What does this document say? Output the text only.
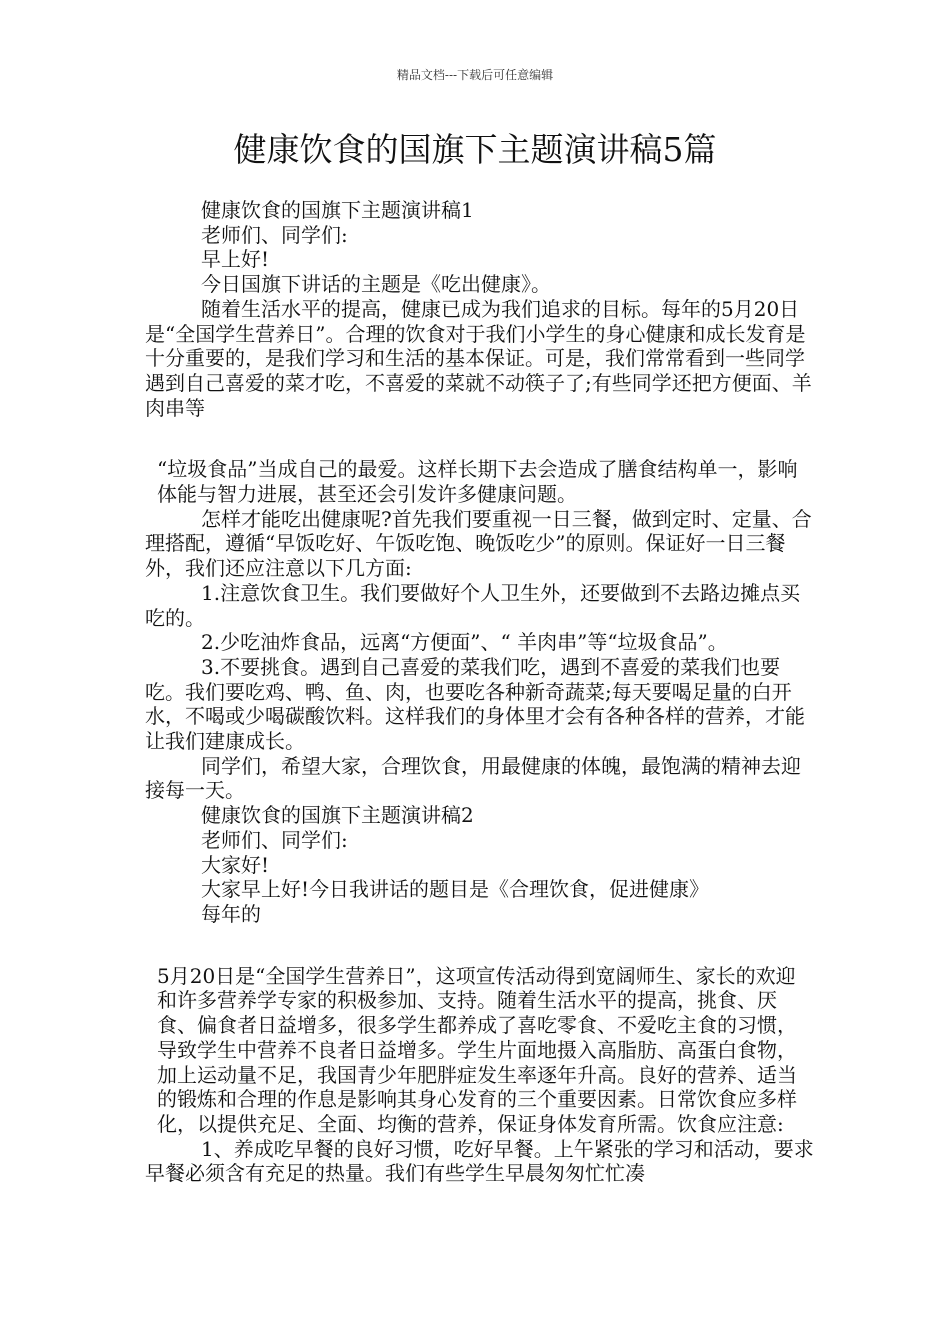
精品文档---下载后可任意编辑
健康饮食的国旗下主题演讲稿5篇

健康饮食的国旗下主题演讲稿1

老师们、同学们:

早上好!

今日国旗下讲话的主题是《吃出健康》。

随着生活水平的提高，健康已成为我们追求的目标。每年的5月20日是“全国学生营养日”。合理的饮食对于我们小学生的身心健康和成长发育是十分重要的，是我们学习和生活的基本保证。可是，我们常常看到一些同学遇到自己喜爱的菜才吃，不喜爱的菜就不动筷子了;有些同学还把方便面、羊肉串等

“垃圾食品”当成自己的最爱。这样长期下去会造成了膳食结构单一，影响体能与智力进展，甚至还会引发许多健康问题。

怎样才能吃出健康呢?首先我们要重视一日三餐，做到定时、定量、合理搭配，遵循“早饭吃好、午饭吃饱、晚饭吃少”的原则。保证好一日三餐外，我们还应注意以下几方面:

1.注意饮食卫生。我们要做好个人卫生外，还要做到不去路边摊点买吃的。

2.少吃油炸食品，远离“方便面”、“ 羊肉串”等“垃圾食品”。

3.不要挑食。遇到自己喜爱的菜我们吃，遇到不喜爱的菜我们也要吃。我们要吃鸡、鸭、鱼、肉，也要吃各种新奇蔬菜;每天要喝足量的白开水，不喝或少喝碳酸饮料。这样我们的身体里才会有各种各样的营养，才能让我们建康成长。

同学们，希望大家，合理饮食，用最健康的体魄，最饱满的精神去迎接每一天。

健康饮食的国旗下主题演讲稿2

老师们、同学们:

大家好!

大家早上好!今日我讲话的题目是《合理饮食，促进健康》

每年的

5月20日是“全国学生营养日”，这项宣传活动得到宽阔师生、家长的欢迎和许多营养学专家的积极参加、支持。随着生活水平的提高，挑食、厌食、偏食者日益增多，很多学生都养成了喜吃零食、不爱吃主食的习惯，导致学生中营养不良者日益增多。学生片面地摄入高脂肪、高蛋白食物，加上运动量不足，我国青少年肥胖症发生率逐年升高。良好的营养、适当的锻炼和合理的作息是影响其身心发育的三个重要因素。日常饮食应多样化，以提供充足、全面、均衡的营养，保证身体发育所需。饮食应注意:

1、养成吃早餐的良好习惯，吃好早餐。上午紧张的学习和活动，要求早餐必须含有充足的热量。我们有些学生早晨匆匆忙忙凑
